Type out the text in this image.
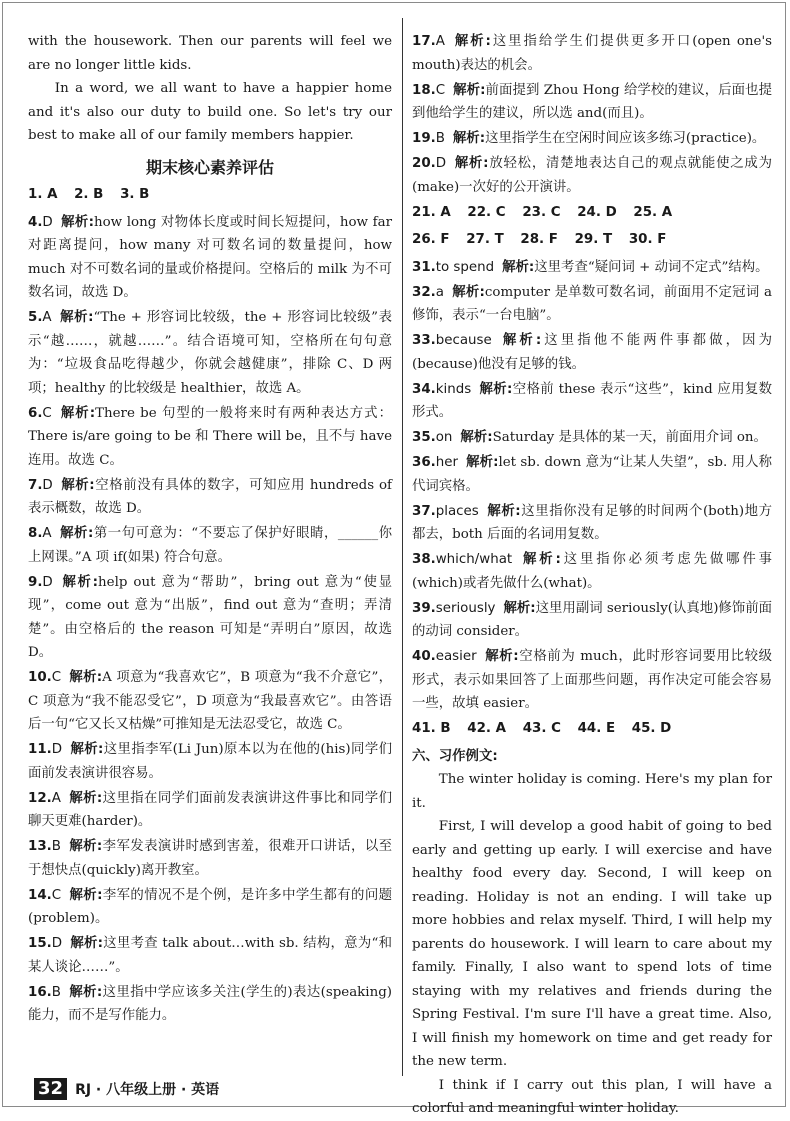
with the housework. Then our parents will feel we are no longer little kids.

In a word, we all want to have a happier home and it's also our duty to build one. So let's try our best to make all of our family members happier.

期末核心素养评估
1. A 2. B 3. B
4.D 解析:how long 对物体长度或时间长短提问，how far 对距离提问，how many 对可数名词的数量提问，how much 对不可数名词的量或价格提问。空格后的 milk 为不可数名词，故选 D。
5.A 解析:“The + 形容词比较级，the + 形容词比较级”表示“越……，就越……”。结合语境可知，空格所在句句意为：“垃圾食品吃得越少，你就会越健康”，排除 C、D 两项；healthy 的比较级是 healthier，故选 A。
6.C 解析:There be 句型的一般将来时有两种表达方式：There is/are going to be 和 There will be，且不与 have 连用。故选 C。
7.D 解析:空格前没有具体的数字，可知应用 hundreds of 表示概数，故选 D。
8.A 解析:第一句可意为：“不要忘了保护好眼睛，______你上网课。”A 项 if(如果) 符合句意。
9.D 解析:help out 意为“帮助”，bring out 意为“使显现”，come out 意为“出版”，find out 意为“查明；弄清楚”。由空格后的 the reason 可知是“弄明白”原因，故选 D。
10.C 解析:A 项意为“我喜欢它”，B 项意为“我不介意它”，C 项意为“我不能忍受它”，D 项意为“我最喜欢它”。由答语后一句“它又长又枯燥”可推知是无法忍受它，故选 C。
11.D 解析:这里指李军(Li Jun)原本以为在他的(his)同学们面前发表演讲很容易。
12.A 解析:这里指在同学们面前发表演讲这件事比和同学们聊天更难(harder)。
13.B 解析:李军发表演讲时感到害羞，很难开口讲话，以至于想快点(quickly)离开教室。
14.C 解析:李军的情况不是个例，是许多中学生都有的问题(problem)。
15.D 解析:这里考查 talk about…with sb. 结构，意为“和某人谈论……”。
16.B 解析:这里指中学应该多关注(学生的)表达(speaking)能力，而不是写作能力。
17.A 解析:这里指给学生们提供更多开口(open one's mouth)表达的机会。
18.C 解析:前面提到 Zhou Hong 给学校的建议，后面也提到他给学生的建议，所以选 and(而且)。
19.B 解析:这里指学生在空闲时间应该多练习(practice)。
20.D 解析:放轻松，清楚地表达自己的观点就能使之成为(make)一次好的公开演讲。
21. A 22. C 23. C 24. D 25. A
26. F 27. T 28. F 29. T 30. F
31.to spend 解析:这里考查“疑问词 + 动词不定式”结构。
32.a 解析:computer 是单数可数名词，前面用不定冠词 a 修饰，表示“一台电脑”。
33.because 解析:这里指他不能两件事都做，因为(because)他没有足够的钱。
34.kinds 解析:空格前 these 表示“这些”，kind 应用复数形式。
35.on 解析:Saturday 是具体的某一天，前面用介词 on。
36.her 解析:let sb. down 意为“让某人失望”，sb. 用人称代词宾格。
37.places 解析:这里指你没有足够的时间两个(both)地方都去，both 后面的名词用复数。
38.which/what 解析:这里指你必须考虑先做哪件事(which)或者先做什么(what)。
39.seriously 解析:这里用副词 seriously(认真地)修饰前面的动词 consider。
40.easier 解析:空格前为 much，此时形容词要用比较级形式，表示如果回答了上面那些问题，再作决定可能会容易一些，故填 easier。
41. B 42. A 43. C 44. E 45. D
六、习作例文:

The winter holiday is coming. Here's my plan for it.

First, I will develop a good habit of going to bed early and getting up early. I will exercise and have healthy food every day. Second, I will keep on reading. Holiday is not an ending. I will take up more hobbies and relax myself. Third, I will help my parents do housework. I will learn to care about my family. Finally, I also want to spend lots of time staying with my relatives and friends during the Spring Festival. I'm sure I'll have a great time. Also, I will finish my homework on time and get ready for the new term.

I think if I carry out this plan, I will have a colorful and meaningful winter holiday.

32 RJ · 八年级上册 · 英语
